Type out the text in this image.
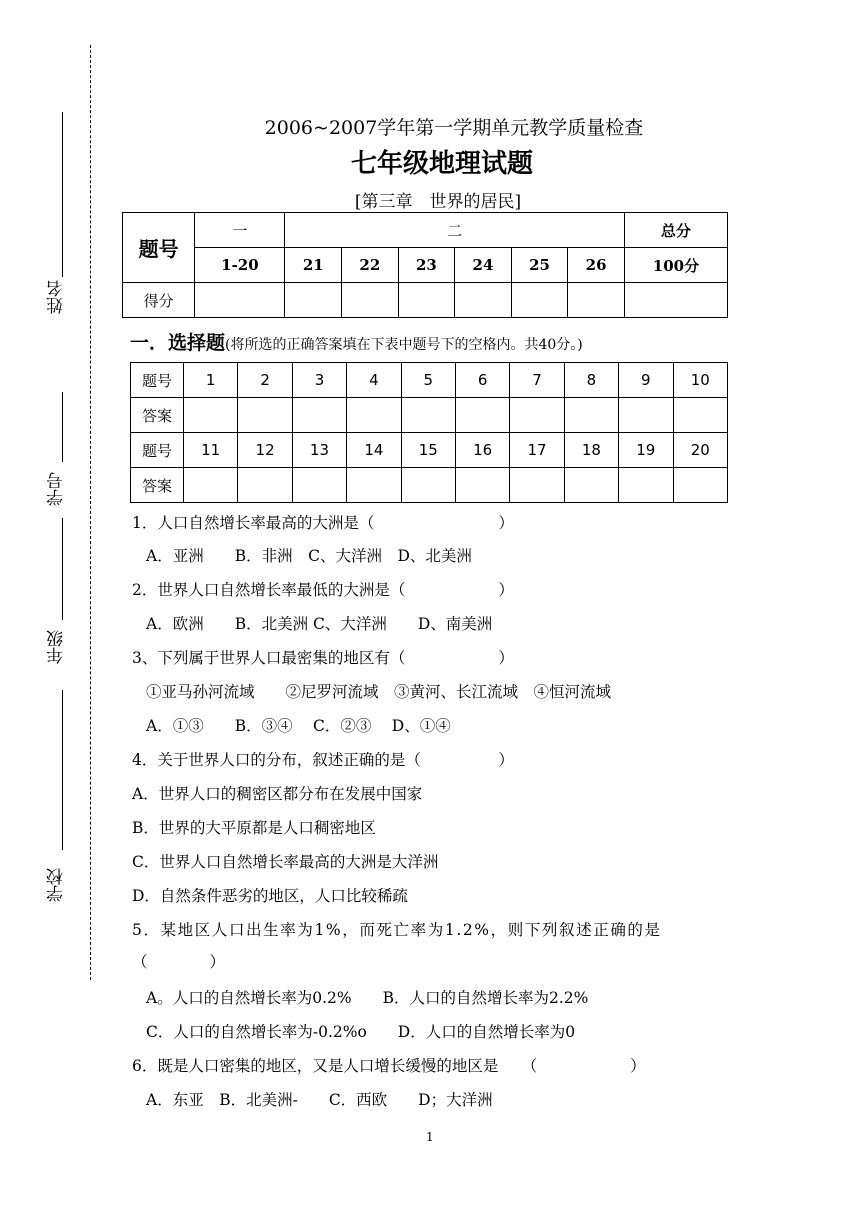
姓名
学号
年级
学校
2006~2007学年第一学期单元教学质量检查
七年级地理试题
[第三章　世界的居民]
题号	一	二						总分
	1-20	21	22	23	24	25	26	100分
得分								
一．选择题(将所选的正确答案填在下表中题号下的空格内。共40分。)
题号	1	2	3	4	5	6	7	8	9	10
答案										
题号	11	12	13	14	15	16	17	18	19	20
答案										
1．人口自然增长率最高的大洲是（　　　　　　　　）
A．亚洲　　B．非洲　C、大洋洲　D、北美洲
2．世界人口自然增长率最低的大洲是（　　　　　　）
A．欧洲　　B．北美洲 C、大洋洲　　D、南美洲
3、下列属于世界人口最密集的地区有（　　　　　　）
①亚马孙河流域　　②尼罗河流域　③黄河、长江流域　④恒河流域
A．①③　　B．③④　 C．②③　 D、①④
4．关于世界人口的分布，叙述正确的是（　　　　　）
A．世界人口的稠密区都分布在发展中国家
B．世界的大平原都是人口稠密地区
C．世界人口自然增长率最高的大洲是大洋洲
D．自然条件恶劣的地区，人口比较稀疏
5．某地区人口出生率为1%，而死亡率为1.2%，则下列叙述正确的是
（　　　　）
A。人口的自然增长率为0.2%　　B．人口的自然增长率为2.2%
C．人口的自然增长率为-0.2%o　　D．人口的自然增长率为0
6．既是人口密集的地区，又是人口增长缓慢的地区是　　（　　　　　　）
A．东亚　B．北美洲-　　C．西欧　　D；大洋洲
1
